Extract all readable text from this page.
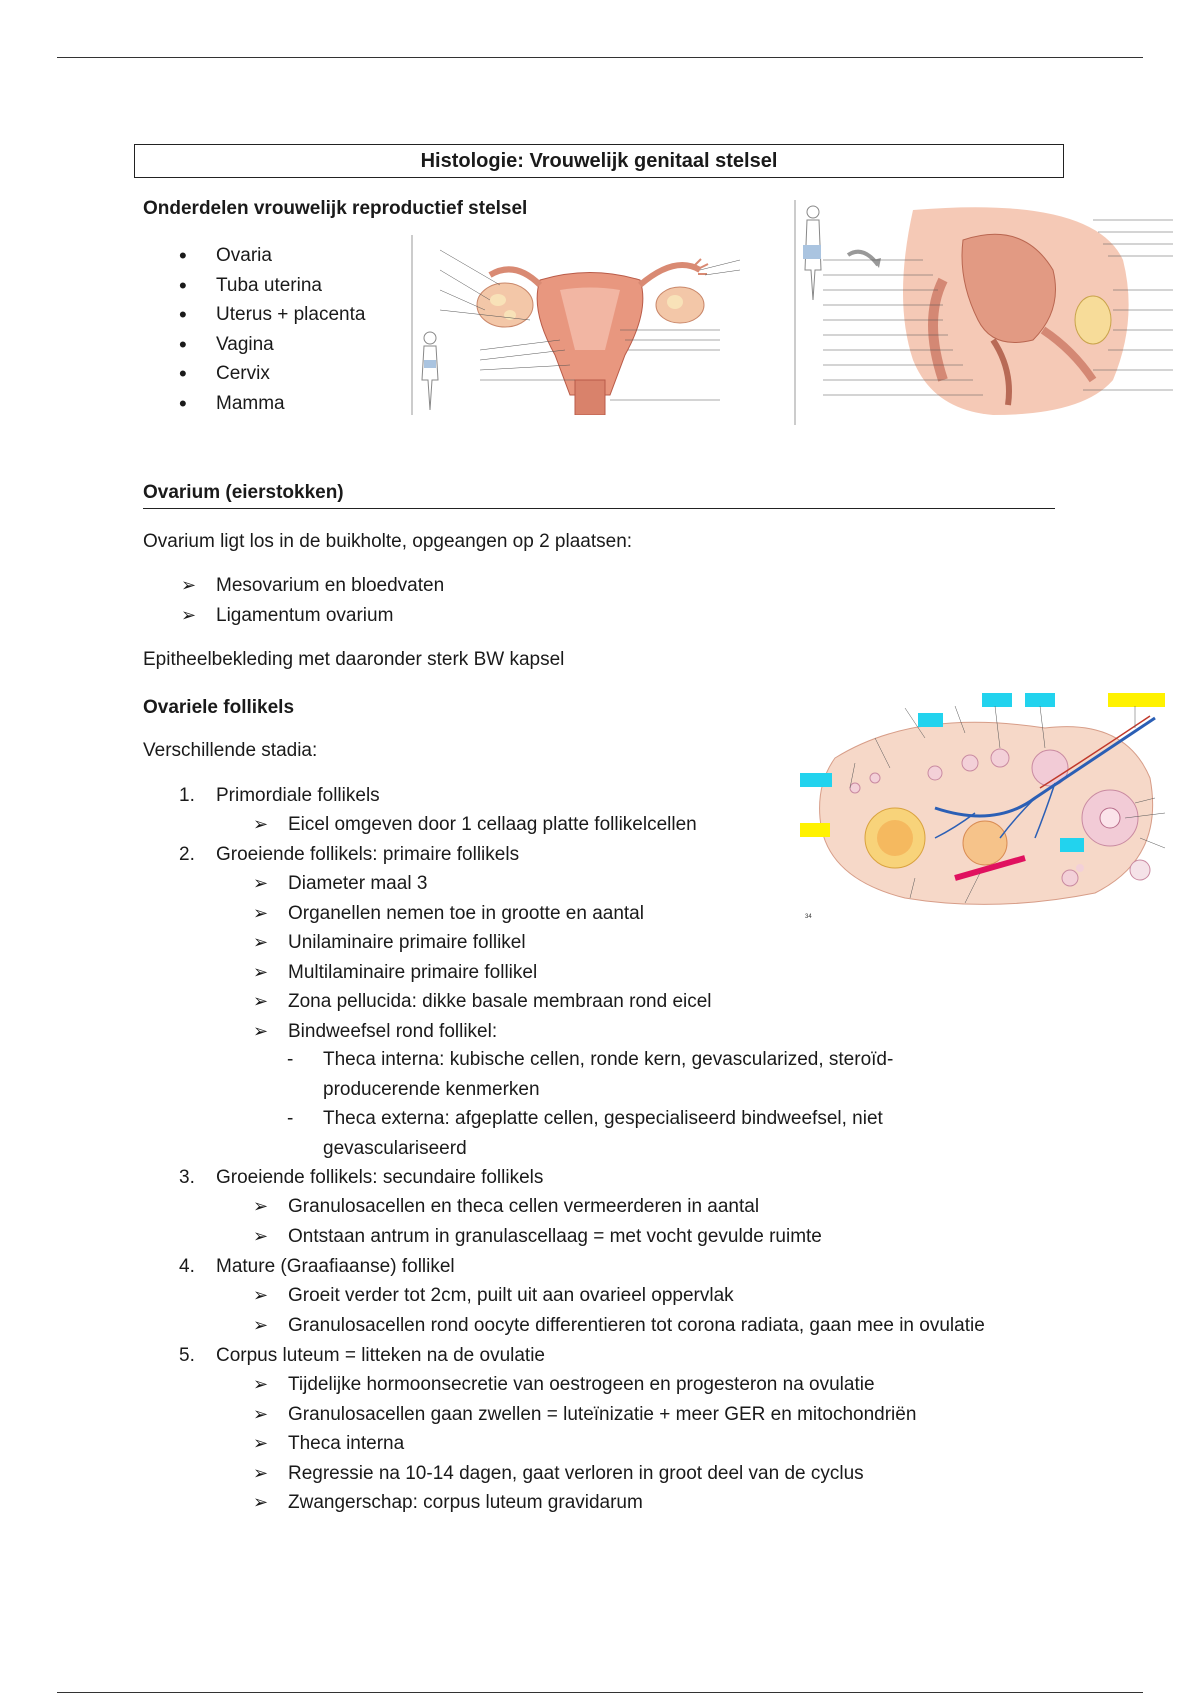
Histologie: Vrouwelijk genitaal stelsel
Onderdelen vrouwelijk reproductief stelsel
• Ovaria
• Tuba uterina
• Uterus + placenta
• Vagina
• Cervix
• Mamma
Ovarium (eierstokken)
Ovarium ligt los in de buikholte, opgeangen op 2 plaatsen:
➢ Mesovarium en bloedvaten
➢ Ligamentum ovarium
Epitheelbekleding met daaronder sterk BW kapsel
Ovariele follikels
Verschillende stadia:
34
1. Primordiale follikels
➢ Eicel omgeven door 1 cellaag platte follikelcellen
2. Groeiende follikels: primaire follikels
➢ Diameter maal 3
➢ Organellen nemen toe in grootte en aantal
➢ Unilaminaire primaire follikel
➢ Multilaminaire primaire follikel
➢ Zona pellucida: dikke basale membraan rond eicel
➢ Bindweefsel rond follikel:
- Theca interna: kubische cellen, ronde kern, gevascularized, steroïd-producerende kenmerken
- Theca externa: afgeplatte cellen, gespecialiseerd bindweefsel, niet gevasculariseerd
3. Groeiende follikels: secundaire follikels
➢ Granulosacellen en theca cellen vermeerderen in aantal
➢ Ontstaan antrum in granulascellaag = met vocht gevulde ruimte
4. Mature (Graafiaanse) follikel
➢ Groeit verder tot 2cm, puilt uit aan ovarieel oppervlak
➢ Granulosacellen rond oocyte differentieren tot corona radiata, gaan mee in ovulatie
5. Corpus luteum = litteken na de ovulatie
➢ Tijdelijke hormoonsecretie van oestrogeen en progesteron na ovulatie
➢ Granulosacellen gaan zwellen = luteïnizatie + meer GER en mitochondriën
➢ Theca interna
➢ Regressie na 10-14 dagen, gaat verloren in groot deel van de cyclus
➢ Zwangerschap: corpus luteum gravidarum
